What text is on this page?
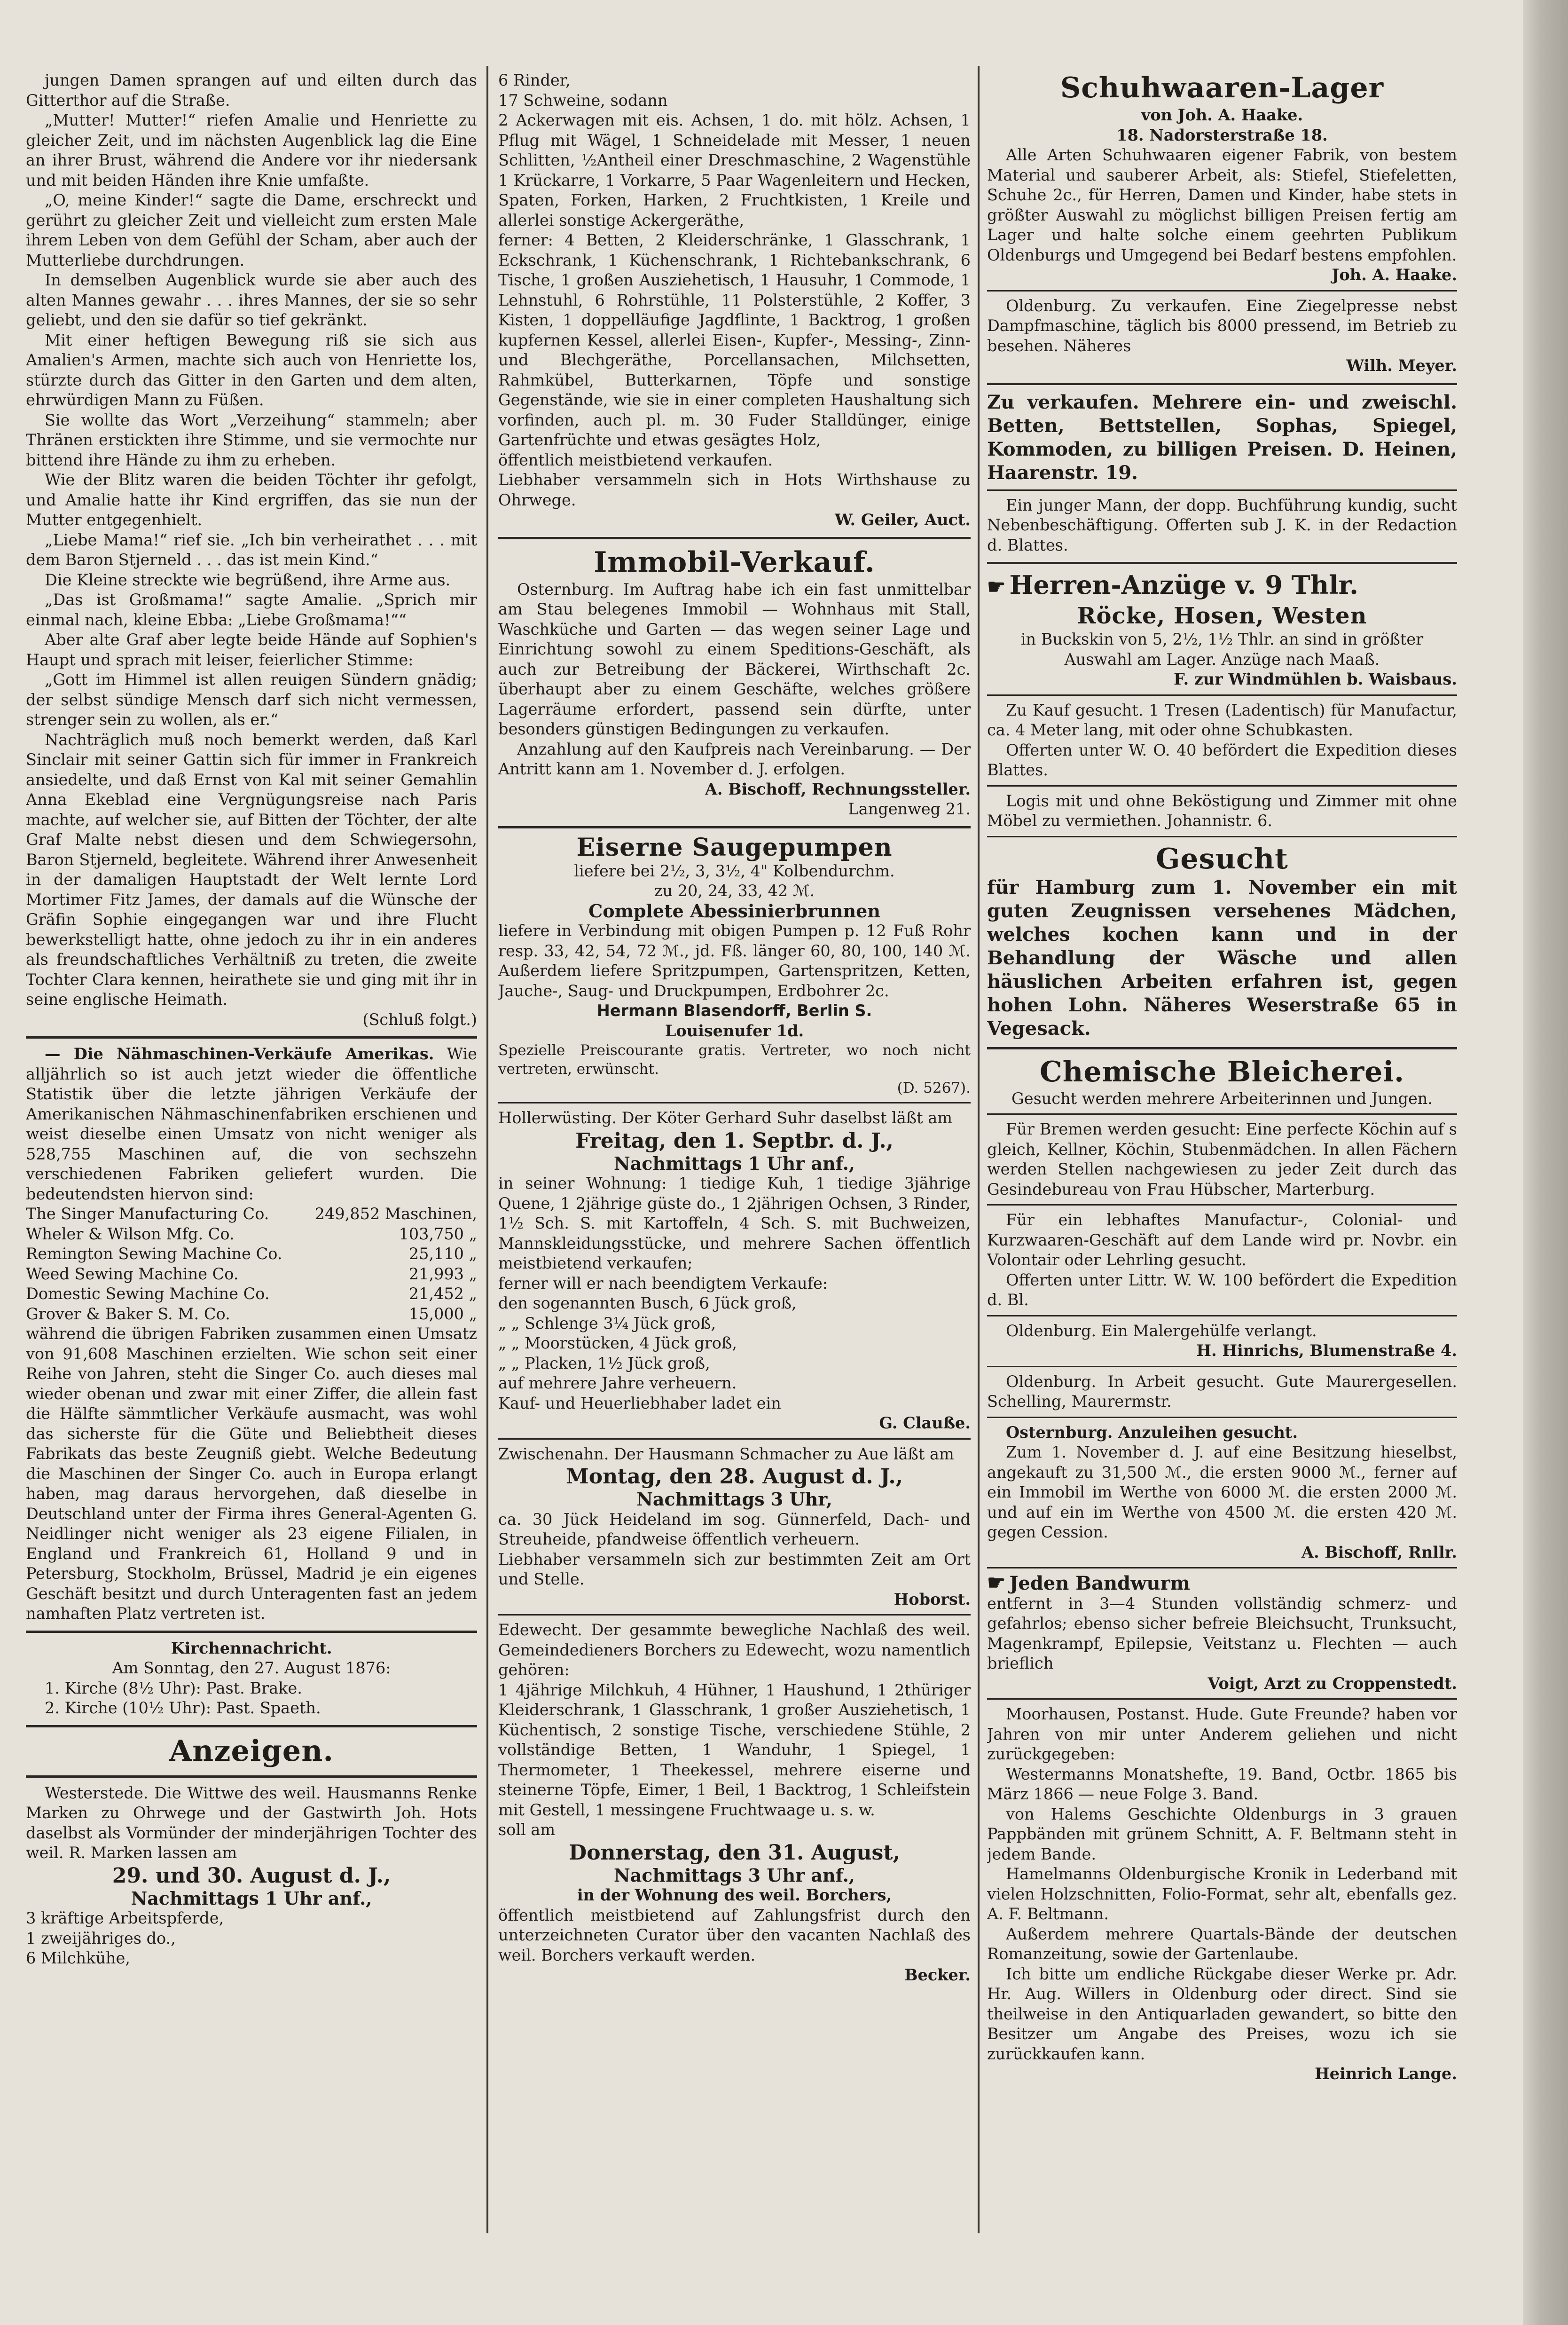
jungen Damen sprangen auf und eilten durch das Gitterthor auf die Straße.

„Mutter! Mutter!“ riefen Amalie und Henriette zu gleicher Zeit, und im nächsten Augenblick lag die Eine an ihrer Brust, während die Andere vor ihr niedersank und mit beiden Händen ihre Knie umfaßte.

„O, meine Kinder!“ sagte die Dame, erschreckt und gerührt zu gleicher Zeit und vielleicht zum ersten Male ihrem Leben von dem Gefühl der Scham, aber auch der Mutterliebe durchdrungen.

In demselben Augenblick wurde sie aber auch des alten Mannes gewahr . . . ihres Mannes, der sie so sehr geliebt, und den sie dafür so tief gekränkt.

Mit einer heftigen Bewegung riß sie sich aus Amalien's Armen, machte sich auch von Henriette los, stürzte durch das Gitter in den Garten und dem alten, ehrwürdigen Mann zu Füßen.

Sie wollte das Wort „Verzeihung“ stammeln; aber Thränen erstickten ihre Stimme, und sie vermochte nur bittend ihre Hände zu ihm zu erheben.

Wie der Blitz waren die beiden Töchter ihr gefolgt, und Amalie hatte ihr Kind ergriffen, das sie nun der Mutter entgegenhielt.

„Liebe Mama!“ rief sie. „Ich bin verheirathet . . . mit dem Baron Stjerneld . . . das ist mein Kind.“

Die Kleine streckte wie begrüßend, ihre Arme aus.

„Das ist Großmama!“ sagte Amalie. „Sprich mir einmal nach, kleine Ebba: „Liebe Großmama!““

Aber alte Graf aber legte beide Hände auf Sophien's Haupt und sprach mit leiser, feierlicher Stimme:

„Gott im Himmel ist allen reuigen Sündern gnädig; der selbst sündige Mensch darf sich nicht vermessen, strenger sein zu wollen, als er.“

Nachträglich muß noch bemerkt werden, daß Karl Sinclair mit seiner Gattin sich für immer in Frankreich ansiedelte, und daß Ernst von Kal mit seiner Gemahlin Anna Ekeblad eine Vergnügungsreise nach Paris machte, auf welcher sie, auf Bitten der Töchter, der alte Graf Malte nebst diesen und dem Schwiegersohn, Baron Stjerneld, begleitete. Während ihrer Anwesenheit in der damaligen Hauptstadt der Welt lernte Lord Mortimer Fitz James, der damals auf die Wünsche der Gräfin Sophie eingegangen war und ihre Flucht bewerkstelligt hatte, ohne jedoch zu ihr in ein anderes als freundschaftliches Verhältniß zu treten, die zweite Tochter Clara kennen, heirathete sie und ging mit ihr in seine englische Heimath.

(Schluß folgt.)

— Die Nähmaschinen-Verkäufe Amerikas. Wie alljährlich so ist auch jetzt wieder die öffentliche Statistik über die letzte jährigen Verkäufe der Amerikanischen Nähmaschinenfabriken erschienen und weist dieselbe einen Umsatz von nicht weniger als 528,755 Maschinen auf, die von sechszehn verschiedenen Fabriken geliefert wurden. Die bedeutendsten hiervon sind:

The Singer Manufacturing Co.	249,852 Maschinen,
Wheler & Wilson Mfg. Co.	103,750 „
Remington Sewing Machine Co.	25,110 „
Weed Sewing Machine Co.	21,993 „
Domestic Sewing Machine Co.	21,452 „
Grover & Baker S. M. Co.	15,000 „

während die übrigen Fabriken zusammen einen Umsatz von 91,608 Maschinen erzielten. Wie schon seit einer Reihe von Jahren, steht die Singer Co. auch dieses mal wieder obenan und zwar mit einer Ziffer, die allein fast die Hälfte sämmtlicher Verkäufe ausmacht, was wohl das sicherste für die Güte und Beliebtheit dieses Fabrikats das beste Zeugniß giebt. Welche Bedeutung die Maschinen der Singer Co. auch in Europa erlangt haben, mag daraus hervorgehen, daß dieselbe in Deutschland unter der Firma ihres General-Agenten G. Neidlinger nicht weniger als 23 eigene Filialen, in England und Frankreich 61, Holland 9 und in Petersburg, Stockholm, Brüssel, Madrid je ein eigenes Geschäft besitzt und durch Unteragenten fast an jedem namhaften Platz vertreten ist.

Kirchennachricht.

Am Sonntag, den 27. August 1876:

1. Kirche (8½ Uhr): Past. Brake.

2. Kirche (10½ Uhr): Past. Spaeth.

Anzeigen.

Westerstede. Die Wittwe des weil. Hausmanns Renke Marken zu Ohrwege und der Gastwirth Joh. Hots daselbst als Vormünder der minderjährigen Tochter des weil. R. Marken lassen am

29. und 30. August d. J.,

Nachmittags 1 Uhr anf.,

3 kräftige Arbeitspferde,

1 zweijähriges do.,

6 Milchkühe,

6 Rinder,
17 Schweine, sodann
2 Ackerwagen mit eis. Achsen, 1 do. mit hölz. Achsen, 1 Pflug mit Wägel, 1 Schneidelade mit Messer, 1 neuen Schlitten, ½Antheil einer Dreschmaschine, 2 Wagenstühle 1 Krückarre, 1 Vorkarre, 5 Paar Wagenleitern und Hecken, Spaten, Forken, Harken, 2 Fruchtkisten, 1 Kreile und allerlei sonstige Ackergeräthe,
ferner: 4 Betten, 2 Kleiderschränke, 1 Glasschrank, 1 Eckschrank, 1 Küchenschrank, 1 Richtebankschrank, 6 Tische, 1 großen Ausziehetisch, 1 Hausuhr, 1 Commode, 1 Lehnstuhl, 6 Rohrstühle, 11 Polsterstühle, 2 Koffer, 3 Kisten, 1 doppelläufige Jagdflinte, 1 Backtrog, 1 großen kupfernen Kessel, allerlei Eisen-, Kupfer-, Messing-, Zinn- und Blechgeräthe, Porcellansachen, Milchsetten, Rahmkübel, Butterkarnen, Töpfe und sonstige Gegenstände, wie sie in einer completen Haushaltung sich vorfinden, auch pl. m. 30 Fuder Stalldünger, einige Gartenfrüchte und etwas gesägtes Holz,
öffentlich meistbietend verkaufen.
Liebhaber versammeln sich in Hots Wirthshause zu Ohrwege.

W. Geiler, Auct.

Immobil-Verkauf.

Osternburg. Im Auftrag habe ich ein fast unmittelbar am Stau belegenes Immobil — Wohnhaus mit Stall, Waschküche und Garten — das wegen seiner Lage und Einrichtung sowohl zu einem Speditions-Geschäft, als auch zur Betreibung der Bäckerei, Wirthschaft 2c. überhaupt aber zu einem Geschäfte, welches größere Lagerräume erfordert, passend sein dürfte, unter besonders günstigen Bedingungen zu verkaufen.

Anzahlung auf den Kaufpreis nach Vereinbarung. — Der Antritt kann am 1. November d. J. erfolgen.

A. Bischoff, Rechnungssteller.

Langenweg 21.

Eiserne Saugepumpen

liefere bei 2½, 3, 3½, 4" Kolbendurchm.

zu 20, 24, 33, 42 ℳ.

Complete Abessinierbrunnen

liefere in Verbindung mit obigen Pumpen p. 12 Fuß Rohr resp. 33, 42, 54, 72 ℳ., jd. Fß. länger 60, 80, 100, 140 ℳ. Außerdem liefere Spritzpumpen, Gartenspritzen, Ketten, Jauche-, Saug- und Druckpumpen, Erdbohrer 2c.

Hermann Blasendorff, Berlin S.

Louisenufer 1d.

Spezielle Preiscourante gratis. Vertreter, wo noch nicht vertreten, erwünscht.

(D. 5267).

Hollerwüsting. Der Köter Gerhard Suhr daselbst läßt am

Freitag, den 1. Septbr. d. J.,

Nachmittags 1 Uhr anf.,

in seiner Wohnung: 1 tiedige Kuh, 1 tiedige 3jährige Quene, 1 2jährige güste do., 1 2jährigen Ochsen, 3 Rinder, 1½ Sch. S. mit Kartoffeln, 4 Sch. S. mit Buchweizen, Mannskleidungsstücke, und mehrere Sachen öffentlich meistbietend verkaufen;
ferner will er nach beendigtem Verkaufe:
den sogenannten Busch, 6 Jück groß,
„ „ Schlenge 3¼ Jück groß,
„ „ Moorstücken, 4 Jück groß,
„ „ Placken, 1½ Jück groß,
auf mehrere Jahre verheuern.
Kauf- und Heuerliebhaber ladet ein

G. Clauße.

Zwischenahn. Der Hausmann Schmacher zu Aue läßt am

Montag, den 28. August d. J.,

Nachmittags 3 Uhr,

ca. 30 Jück Heideland im sog. Günnerfeld, Dach- und Streuheide, pfandweise öffentlich verheuern.
Liebhaber versammeln sich zur bestimmten Zeit am Ort und Stelle.

Hoborst.

Edewecht. Der gesammte bewegliche Nachlaß des weil. Gemeindedieners Borchers zu Edewecht, wozu namentlich gehören:
1 4jährige Milchkuh, 4 Hühner, 1 Haushund, 1 2thüriger Kleiderschrank, 1 Glasschrank, 1 großer Ausziehetisch, 1 Küchentisch, 2 sonstige Tische, verschiedene Stühle, 2 vollständige Betten, 1 Wanduhr, 1 Spiegel, 1 Thermometer, 1 Theekessel, mehrere eiserne und steinerne Töpfe, Eimer, 1 Beil, 1 Backtrog, 1 Schleifstein mit Gestell, 1 messingene Fruchtwaage u. s. w.
soll am

Donnerstag, den 31. August,

Nachmittags 3 Uhr anf.,

in der Wohnung des weil. Borchers,

öffentlich meistbietend auf Zahlungsfrist durch den unterzeichneten Curator über den vacanten Nachlaß des weil. Borchers verkauft werden.

Becker.

Schuhwaaren-Lager

von Joh. A. Haake.

18. Nadorsterstraße 18.

Alle Arten Schuhwaaren eigener Fabrik, von bestem Material und sauberer Arbeit, als: Stiefel, Stiefeletten, Schuhe 2c., für Herren, Damen und Kinder, habe stets in größter Auswahl zu möglichst billigen Preisen fertig am Lager und halte solche einem geehrten Publikum Oldenburgs und Umgegend bei Bedarf bestens empfohlen.

Joh. A. Haake.

Oldenburg. Zu verkaufen. Eine Ziegelpresse nebst Dampfmaschine, täglich bis 8000 pressend, im Betrieb zu besehen. Näheres

Wilh. Meyer.

Zu verkaufen. Mehrere ein- und zweischl. Betten, Bettstellen, Sophas, Spiegel, Kommoden, zu billigen Preisen. D. Heinen, Haarenstr. 19.

Ein junger Mann, der dopp. Buchführung kundig, sucht Nebenbeschäftigung. Offerten sub J. K. in der Redaction d. Blattes.

☛ Herren-Anzüge v. 9 Thlr.

Röcke, Hosen, Westen

in Buckskin von 5, 2½, 1½ Thlr. an sind in größter Auswahl am Lager. Anzüge nach Maaß.

F. zur Windmühlen b. Waisbaus.

Zu Kauf gesucht. 1 Tresen (Ladentisch) für Manufactur, ca. 4 Meter lang, mit oder ohne Schubkasten.

Offerten unter W. O. 40 befördert die Expedition dieses Blattes.

Logis mit und ohne Beköstigung und Zimmer mit ohne Möbel zu vermiethen. Johannistr. 6.

Gesucht

für Hamburg zum 1. November ein mit guten Zeugnissen versehenes Mädchen, welches kochen kann und in der Behandlung der Wäsche und allen häuslichen Arbeiten erfahren ist, gegen hohen Lohn. Näheres Weserstraße 65 in Vegesack.

Chemische Bleicherei.

Gesucht werden mehrere Arbeiterinnen und Jungen.

Für Bremen werden gesucht: Eine perfecte Köchin auf s gleich, Kellner, Köchin, Stubenmädchen. In allen Fächern werden Stellen nachgewiesen zu jeder Zeit durch das Gesindebureau von Frau Hübscher, Marterburg.

Für ein lebhaftes Manufactur-, Colonial- und Kurzwaaren-Geschäft auf dem Lande wird pr. Novbr. ein Volontair oder Lehrling gesucht.

Offerten unter Littr. W. W. 100 befördert die Expedition d. Bl.

Oldenburg. Ein Malergehülfe verlangt.

H. Hinrichs, Blumenstraße 4.

Oldenburg. In Arbeit gesucht. Gute Maurergesellen. Schelling, Maurermstr.

Osternburg. Anzuleihen gesucht.

Zum 1. November d. J. auf eine Besitzung hieselbst, angekauft zu 31,500 ℳ., die ersten 9000 ℳ., ferner auf ein Immobil im Werthe von 6000 ℳ. die ersten 2000 ℳ. und auf ein im Werthe von 4500 ℳ. die ersten 420 ℳ. gegen Cession.

A. Bischoff, Rnllr.

☛ Jeden Bandwurm

entfernt in 3—4 Stunden vollständig schmerz- und gefahrlos; ebenso sicher befreie Bleichsucht, Trunksucht, Magenkrampf, Epilepsie, Veitstanz u. Flechten — auch brieflich

Voigt, Arzt zu Croppenstedt.

Moorhausen, Postanst. Hude. Gute Freunde? haben vor Jahren von mir unter Anderem geliehen und nicht zurückgegeben:

Westermanns Monatshefte, 19. Band, Octbr. 1865 bis März 1866 — neue Folge 3. Band.

von Halems Geschichte Oldenburgs in 3 grauen Pappbänden mit grünem Schnitt, A. F. Beltmann steht in jedem Bande.

Hamelmanns Oldenburgische Kronik in Lederband mit vielen Holzschnitten, Folio-Format, sehr alt, ebenfalls gez. A. F. Beltmann.

Außerdem mehrere Quartals-Bände der deutschen Romanzeitung, sowie der Gartenlaube.

Ich bitte um endliche Rückgabe dieser Werke pr. Adr. Hr. Aug. Willers in Oldenburg oder direct. Sind sie theilweise in den Antiquarladen gewandert, so bitte den Besitzer um Angabe des Preises, wozu ich sie zurückkaufen kann.

Heinrich Lange.
